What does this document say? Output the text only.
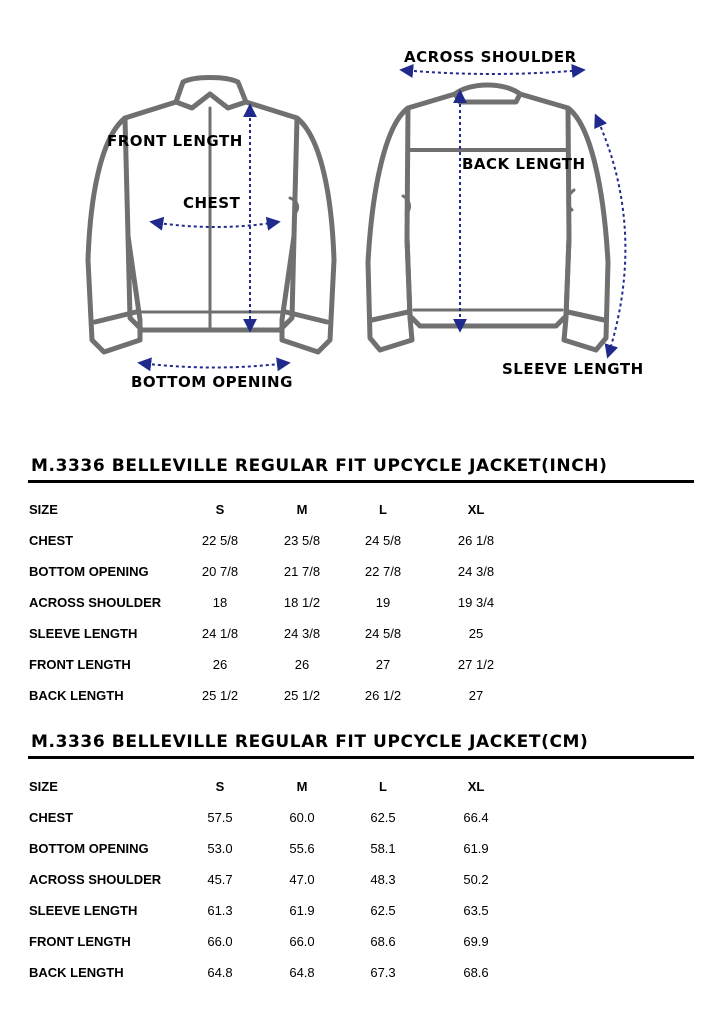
FRONT LENGTH
CHEST
BOTTOM OPENING
ACROSS SHOULDER
BACK LENGTH
SLEEVE LENGTH
M.3336 BELLEVILLE REGULAR FIT UPCYCLE JACKET(INCH)
SIZE	S	M	L	XL
CHEST	22 5/8	23 5/8	24 5/8	26 1/8
BOTTOM OPENING	20 7/8	21 7/8	22 7/8	24 3/8
ACROSS SHOULDER	18	18 1/2	19	19 3/4
SLEEVE LENGTH	24 1/8	24 3/8	24 5/8	25
FRONT LENGTH	26	26	27	27 1/2
BACK LENGTH	25 1/2	25 1/2	26 1/2	27
M.3336 BELLEVILLE REGULAR FIT UPCYCLE JACKET(CM)
SIZE	S	M	L	XL
CHEST	57.5	60.0	62.5	66.4
BOTTOM OPENING	53.0	55.6	58.1	61.9
ACROSS SHOULDER	45.7	47.0	48.3	50.2
SLEEVE LENGTH	61.3	61.9	62.5	63.5
FRONT LENGTH	66.0	66.0	68.6	69.9
BACK LENGTH	64.8	64.8	67.3	68.6
